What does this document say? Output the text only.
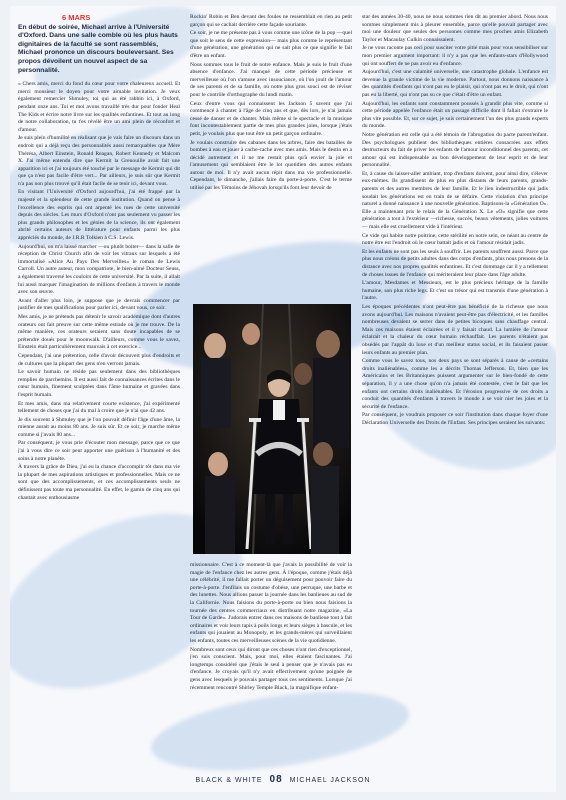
6 MARS
En début de soirée, Michael arrive à l'Université d'Oxford. Dans une salle comble où les plus hauts dignitaires de la faculté se sont rassemblés, Michael prononce un discours bouleversant. Ses propos dévoilent un nouvel aspect de sa personnalité.

« Chers amis, merci du fond du cœur pour votre chaleureux accueil. Et merci monsieur le doyen pour votre aimable invitation. Je veux également remercier Shmuley, toi qui as été rabbin ici, à Oxford, pendant onze ans. Toi et moi avons travaillé très dur pour fonder Heal The Kids et écrire notre livre sur les qualités enfantines. Et tout au long de notre collaboration, tu t'es révélé être un ami plein de réconfort et d'amour.

Je suis plein d'humilité en réalisant que je vais faire un discours dans un endroit qui a déjà reçu des personnalités aussi remarquables que Mère Thérésa, Albert Einstein, Ronald Reagan, Robert Kennedy et Malcom X. J'ai même entendu dire que Kermit la Grenouille avait fait une apparition ici et j'ai toujours été touché par le message de Kermit qui dit que ça n'est pas facile d'être vert... Par ailleurs, je suis sûr que Kermit n'a pas non plus trouvé qu'il était facile de se tenir ici, devant vous.

En visitant l'Université d'Oxford aujourd'hui, j'ai été frappé par la majesté et la splendeur de cette grande institution. Quand on pense à l'excellence des esprits qui ont arpenté les rues de cette université depuis des siècles. Les murs d'Oxford n'ont pas seulement vu passer les plus grands philosophes et les génies de la science, ils ont également abrité certains auteurs de littérature pour enfants parmi les plus appréciés du monde, de J.R.R Tolkien à C.S. Lewis.

Aujourd'hui, on m'a laissé marcher —ou plutôt boiter— dans la salle de réception de Christ Church afin de voir les vitraux sur lesquels a été immortalisé «Alice Au Pays Des Merveilles» le roman de Lewis Carroll. Un autre auteur, mon compatriote, le bien-aimé Docteur Seuss, a également traversé les couloirs de cette université. Par la suite, il allait lui aussi marquer l'imagination de millions d'enfants à travers le monde avec son œuvre.

Avant d'aller plus loin, je suppose que je devrais commencer par justifier de mes qualifications pour parler ici, devant vous, ce soir.

Mes amis, je ne prétends pas détenir le savoir académique dont d'autres orateurs ont fait preuve sur cette même estrade où je me trouve. De la même manière, ces orateurs seraient sans doute incapables de se prétendre doués pour le moonwalk. D'ailleurs, comme vous le savez, Einstein était particulièrement mauvais à cet exercice...

Cependant, j'ai une prétention, celle d'avoir découvert plus d'endroits et de cultures que la plupart des gens n'en verront jamais.

Le savoir humain ne réside pas seulement dans des bibliothèques remplies de parchemins. Il est aussi fait de connaissances écrites dans le cœur humain, finement sculptées dans l'âme humaine et gravées dans l'esprit humain.

Et mes amis, dans ma relativement courte existence, j'ai expérimenté tellement de choses que j'ai du mal à croire que je n'ai que 42 ans.

Je dis souvent à Shmuley que je l'on pouvait définir l'âge d'une âme, la mienne aurait au moins 80 ans. Je suis sûr. Et ce soir, je marche même comme si j'avais 80 ans...

Par conséquent, je vous prie d'écouter mon message, parce que ce que j'ai à vous dire ce soir peut apporter une guérison à l'humanité et des soins à notre planète.

À travers la grâce de Dieu, j'ai eu la chance d'accomplir tôt dans ma vie la plupart de mes aspirations artistiques et professionnelles. Mais ce ne sont que des accomplissements, et ces accomplissements seuls ne définissent pas toute ma personnalité. En effet, le gamin de cinq ans qui chantait avec enthousiasme

Rockin' Robin et Ben devant des foules ne ressemblait en rien au petit garçon qui se cachait derrière cette façade souriante.

Ce soir, je ne me présente pas à vous comme une icône de la pop —quel que soit le sens de cette expression— mais plus comme le représentant d'une génération, une génération qui ne sait plus ce que signifie le fait d'être un enfant.

Nous sommes tous le fruit de notre enfance. Mais je suis le fruit d'une absence d'enfance. J'ai manqué de cette période précieuse et merveilleuse où l'on s'amuse avec insouciance, où l'on jouit de l'amour de ses parents et de sa famille, où notre plus gros souci est de réviser pour le contrôle d'orthographe du lundi matin.

Ceux d'entre vous qui connaissent les Jackson 5 savent que j'ai commencé à chanter à l'âge de cinq ans et que, dès lors, je n'ai jamais cessé de danser et de chanter. Mais même si le spectacle et la musique font incontestablement partie de mes plus grandes joies, lorsque j'étais petit, je voulais plus que tout être un petit garçon ordinaire.

Je voulais construire des cabanes dans les arbres, faire des batailles de bombes à eau et jouer à cache-cache avec mes amis. Mais le destin en a décidé autrement et il ne me restait plus qu'à envier la joie et l'amusement qui semblaient être le lot quotidien des autres enfants autour de moi. Il n'y avait aucun répit dans ma vie professionnelle. Cependant, le dimanche, j'allais faire du porte-à-porte. C'est le terme utilisé par les Témoins de Jéhovah lorsqu'ils font leur devoir de

missionnaire. C'est à ce moment-là que j'avais la possibilité de voir la magie de l'enfance chez les autres gens. À l'époque, comme j'étais déjà une célébrité, il me fallait porter un déguisement pour pouvoir faire du porte-à-porte. J'enfilais un costume d'obèse, une perruque, une barbe et des lunettes. Nous allions passer la journée dans les banlieues au sud de la Californie. Nous faisions du porte-à-porte ou bien nous faisions la tournée des centres commerciaux en distribuant notre magazine, «La Tour de Garde». J'adorais entrer dans ces maisons de banlieue tout à fait ordinaires et voir leurs tapis à poils longs et leurs sièges à bascule, et les enfants qui jouaient au Monopoly, et les grands-mères qui surveillaient les enfants, toutes ces merveilleuses scènes de la vie quotidienne.

Nombreux sont ceux qui diront que ces choses n'ont rien d'exceptionnel, j'en suis conscient. Mais, pour moi, elles étaient fascinantes. J'ai longtemps considéré que j'étais le seul à penser que je n'avais pas eu d'enfance. Je croyais qu'il n'y avait effectivement qu'une poignée de gens avec lesquels je pouvais partager tous ces sentiments. Lorsque j'ai récemment rencontré Shirley Temple Black, la magnifique enfant-

star des années 30-40, nous ne nous sommes rien dit au premier abord. Nous nous sommes simplement mis à pleurer ensemble, parce qu'elle pouvait partager avec moi une douleur que seules des personnes comme mes proches amis Elizabeth Taylor et Macaulay Culkin connaissaient.

Je ne vous raconte pas ceci pour susciter votre pitié mais pour vous sensibiliser sur mon premier argument important: il n'y a pas que les enfants-stars d'Hollywood qui ont souffert de ne pas avoir eu d'enfance.

Aujourd'hui, c'est une calamité universelle, une catastrophe globale. L'enfance est devenue la grande victime de la vie moderne. Partout, nous donnons naissance à des quantités d'enfants qui n'ont pas eu le plaisir, qui n'ont pas eu le droit, qui n'ont pas eu la liberté, qui n'ont pas su ce que c'était d'être un enfant.

Aujourd'hui, les enfants sont constamment poussés à grandir plus vite, comme si cette période appelée l'enfance était un passage difficile dont il fallait s'extraire le plus vite possible. Et, sur ce sujet, je suis certainement l'un des plus grands experts du monde.

Notre génération est celle qui a été témoin de l'abrogation du pacte parent/enfant. Des psychologues publient des bibliothèques entières consacrées aux effets destructeurs du fait de priver les enfants de l'amour inconditionnel des parents, cet amour qui est indispensable au bon développement de leur esprit et de leur personnalité.

Et, à cause du laisser-aller ambiant, trop d'enfants doivent, pour ainsi dire, s'élever eux-mêmes. Ils grandissent de plus en plus distants de leurs parents, grands-parents et des autres membres de leur famille. Et le lien indestructible qui jadis soudait les générations est en train de se défaire. Cette violation d'un principe naturel a donné naissance à une nouvelle génération. Baptisons-la «Génération O». Elle a maintenant pris le relais de la Génération X. Le «O» signifie que cette génération a tout à l'extérieur —richesse, succès, beaux vêtements, jolies voitures— mais elle est cruellement vide à l'intérieur.

Ce vide qui habite notre poitrine, cette stérilité en notre sein, ce néant au centre de notre être est l'endroit où le cœur battait jadis et où l'amour résidait jadis.

Et les enfants ne sont pas les seuls à souffrir. Les parents souffrent aussi. Parce que plus nous créons de petits adultes dans des corps d'enfants, plus nous prenons de la distance avec nos propres qualités enfantines. Et c'est dommage car il y a tellement de choses issues de l'enfance qui mériteraient leur place dans l'âge adulte.

L'amour, Mesdames et Messieurs, est le plus précieux héritage de la famille humaine, son plus riche legs. Et c'est un trésor qui est transmis d'une génération à l'autre.

Les époques précédentes n'ont peut-être pas bénéficié de la richesse que nous avons aujourd'hui. Les maisons n'avaient peut-être pas d'électricité, et les familles nombreuses devaient se serrer dans de petites bicoques sans chauffage central. Mais ces maisons étaient éclairées et il y faisait chaud. La lumière de l'amour éclairait et la chaleur du cœur humain réchauffait. Les parents n'étaient pas obsédés par l'appât du luxe et d'un meilleur status social, et ils faisaient passer leurs enfants au premier plan.

Comme vous le savez tous, nos deux pays se sont séparés à cause de «certains droits inaliénables», comme les a décrits Thomas Jefferson. Et, bien que les Américains et les Britanniques puissent argumenter sur le bien-fondé de cette séparation, il y a une chose qu'on n'a jamais été contestée, c'est le fait que les enfants ont certains droits inaliénables. Et l'érosion progressive de ces droits a conduit des quantités d'enfants à travers le monde à se voir nier les joies et la sécurité de l'enfance.

Par conséquent, je voudrais proposer ce soir l'institution dans chaque foyer d'une Déclaration Universelle des Droits de l'Enfant. Ses principes seraient les suivants:

BLACK & WHITE 08 MICHAEL JACKSON
